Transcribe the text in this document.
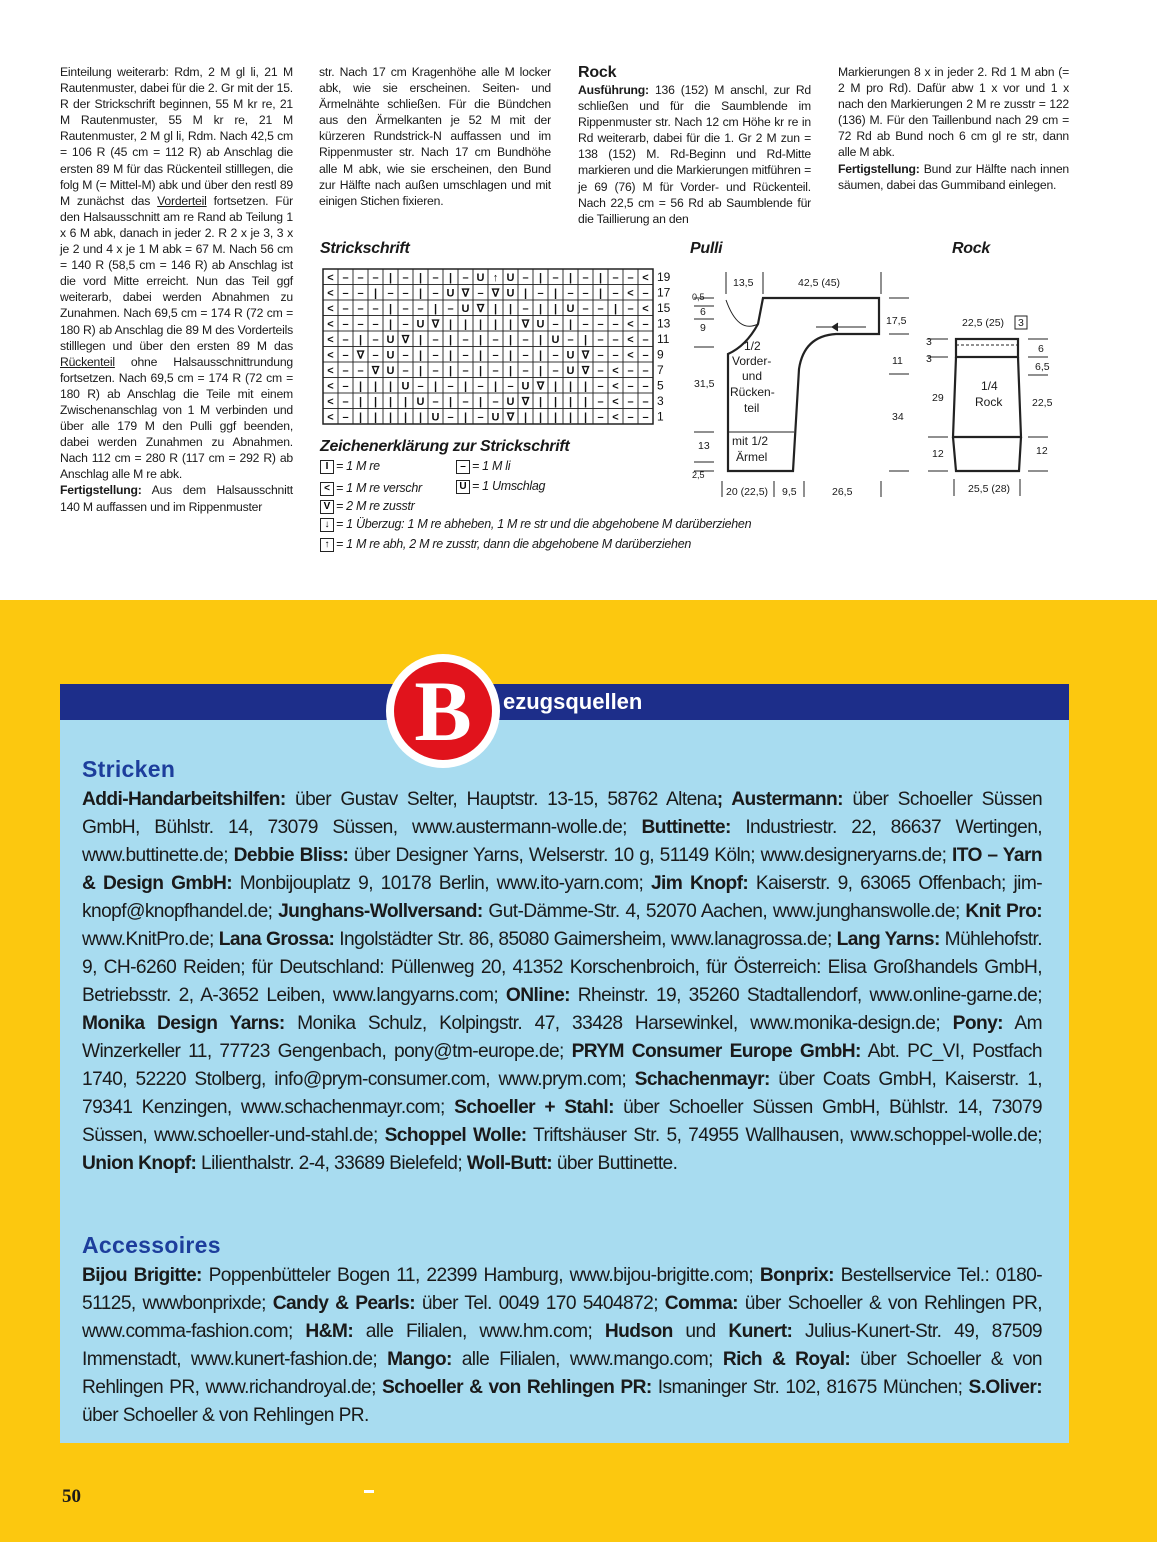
Einteilung weiterarb: Rdm, 2 M gl li, 21 M Rautenmuster, dabei für die 2. Gr mit der 15. R der Strickschrift beginnen, 55 M kr re, 21 M Rautenmuster, 55 M kr re, 21 M Rautenmuster, 2 M gl li, Rdm. Nach 42,5 cm = 106 R (45 cm = 112 R) ab Anschlag die ersten 89 M für das Rückenteil stilllegen, die folg M (= Mittel-M) abk und über den restl 89 M zunächst das Vorderteil fortsetzen. Für den Halsausschnitt am re Rand ab Teilung 1 x 6 M abk, danach in jeder 2. R 2 x je 3, 3 x je 2 und 4 x je 1 M abk = 67 M. Nach 56 cm = 140 R (58,5 cm = 146 R) ab Anschlag ist die vord Mitte erreicht. Nun das Teil ggf weiterarb, dabei werden Abnahmen zu Zunahmen. Nach 69,5 cm = 174 R (72 cm = 180 R) ab Anschlag die 89 M des Vorderteils stilllegen und über den ersten 89 M das Rückenteil ohne Halsausschnittrundung fortsetzen. Nach 69,5 cm = 174 R (72 cm = 180 R) ab Anschlag die Teile mit einem Zwischenanschlag von 1 M verbinden und über alle 179 M den Pulli ggf beenden, dabei werden Zunahmen zu Abnahmen. Nach 112 cm = 280 R (117 cm = 292 R) ab Anschlag alle M re abk.

Fertigstellung: Aus dem Halsausschnitt 140 M auffassen und im Rippenmuster

str. Nach 17 cm Kragenhöhe alle M locker abk, wie sie erscheinen. Seiten- und Ärmelnähte schließen. Für die Bündchen aus den Ärmelkanten je 52 M mit der kürzeren Rundstrick-N auffassen und im Rippenmuster str. Nach 17 cm Bundhöhe alle M abk, wie sie erscheinen, den Bund zur Hälfte nach außen umschlagen und mit einigen Stichen fixieren.

Rock

Ausführung: 136 (152) M anschl, zur Rd schließen und für die Saumblende im Rippenmuster str. Nach 12 cm Höhe kr re in Rd weiterarb, dabei für die 1. Gr 2 M zun = 138 (152) M. Rd-Beginn und Rd-Mitte markieren und die Markierungen mitführen = je 69 (76) M für Vorder- und Rückenteil. Nach 22,5 cm = 56 Rd ab Saumblende für die Taillierung an den

Markierungen 8 x in jeder 2. Rd 1 M abn (= 2 M pro Rd). Dafür abw 1 x vor und 1 x nach den Markierungen 2 M re zusstr = 122 (136) M. Für den Taillenbund nach 29 cm = 72 Rd ab Bund noch 6 cm gl re str, dann alle M abk.

Fertigstellung: Bund zur Hälfte nach innen säumen, dabei das Gummiband einlegen.

Strickschrift
< – – – | – | – | – U ↑ U – | – | – | – – < 19
< – – | – – | – U ∇ – ∇ U | – | – – | – < – 17
< – – – | – – | – U ∇ | | – | | U – – | – < 15
< – – – | – U ∇ | | | | | ∇ U – | – – – < – 13
< – | – U ∇ | – | – | – | – | U – | – – < – 11
< – ∇ – U – | – | – | – | – | – U ∇ – – < – 9
< – – ∇ U – | – | – | – | – | – U ∇ – < – – 7
< – | | | U – | – | – | – U ∇ | | | – < – – 5
< – | | | | U – | – | – U ∇ | | | | – < – – 3
< – | | | | | U – | – U ∇ | | | | | – < – – 1
Zeichenerklärung zur Strickschrift
I = 1 M re	– = 1 M li
< = 1 M re verschr	U = 1 Umschlag
V = 2 M re zusstr
↓ = 1 Überzug: 1 M re abheben, 1 M re str und die abgehobene M darüberziehen
↑ = 1 M re abh, 2 M re zusstr, dann die abgehobene M darüberziehen
Pulli
13,5	42,5 (45)
0,5
6
9
31,5
13
2,5
1/2
Vorder-
und
Rücken-
teil
mit 1/2
Ärmel
17,5
11
34
20 (22,5) 9,5	26,5
Rock
22,5 (25) 3
3
3
29
12
1/4
Rock
6
6,5
22,5
12
25,5 (28)
B	ezugsquellen
Stricken
Addi-Handarbeitshilfen: über Gustav Selter, Hauptstr. 13-15, 58762 Altena; Austermann: über Schoeller Süssen GmbH, Bühlstr. 14, 73079 Süssen, www.austermann-wolle.de; Buttinette: Industriestr. 22, 86637 Wertingen, www.buttinette.de; Debbie Bliss: über Designer Yarns, Welserstr. 10 g, 51149 Köln; www.designeryarns.de; ITO – Yarn & Design GmbH: Monbijouplatz 9, 10178 Berlin, www.ito-yarn.com; Jim Knopf: Kaiserstr. 9, 63065 Offenbach; jim-knopf@knopfhandel.de; Junghans-Wollversand: Gut-Dämme-Str. 4, 52070 Aachen, www.junghanswolle.de; Knit Pro: www.KnitPro.de; Lana Grossa: Ingolstädter Str. 86, 85080 Gaimersheim, www.lanagrossa.de; Lang Yarns: Mühlehofstr. 9, CH-6260 Reiden; für Deutschland: Püllenweg 20, 41352 Korschenbroich, für Österreich: Elisa Großhandels GmbH, Betriebsstr. 2, A-3652 Leiben, www.langyarns.com; ONline: Rheinstr. 19, 35260 Stadtallendorf, www.online-garne.de; Monika Design Yarns: Monika Schulz, Kolpingstr. 47, 33428 Harsewinkel, www.monika-design.de; Pony: Am Winzerkeller 11, 77723 Gengenbach, pony@tm-europe.de; PRYM Consumer Europe GmbH: Abt. PC_VI, Postfach 1740, 52220 Stolberg, info@prym-consumer.com, www.prym.com; Schachenmayr: über Coats GmbH, Kaiserstr. 1, 79341 Kenzingen, www.schachenmayr.com; Schoeller + Stahl: über Schoeller Süssen GmbH, Bühlstr. 14, 73079 Süssen, www.schoeller-und-stahl.de; Schoppel Wolle: Triftshäuser Str. 5, 74955 Wallhausen, www.schoppel-wolle.de; Union Knopf: Lilienthalstr. 2-4, 33689 Bielefeld; Woll-Butt: über Buttinette.
Accessoires
Bijou Brigitte: Poppenbütteler Bogen 11, 22399 Hamburg, www.bijou-brigitte.com; Bonprix: Bestellservice Tel.: 0180-51125, wwwbonprixde; Candy & Pearls: über Tel. 0049 170 5404872; Comma: über Schoeller & von Rehlingen PR, www.comma-fashion.com; H&M: alle Filialen, www.hm.com; Hudson und Kunert: Julius-Kunert-Str. 49, 87509 Immenstadt, www.kunert-fashion.de; Mango: alle Filialen, www.mango.com; Rich & Royal: über Schoeller & von Rehlingen PR, www.richandroyal.de; Schoeller & von Rehlingen PR: Ismaninger Str. 102, 81675 München; S.Oliver: über Schoeller & von Rehlingen PR.
50
